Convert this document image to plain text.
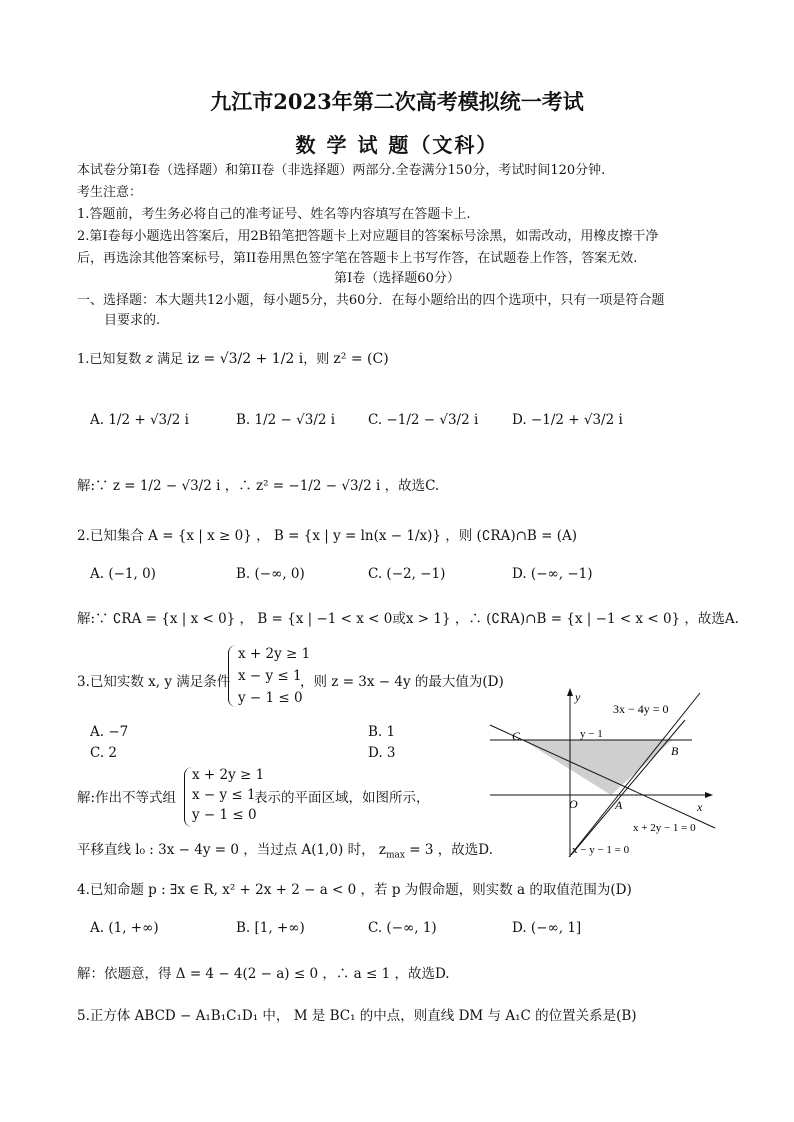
九江市2023年第二次高考模拟统一考试
数 学 试 题（文科）
本试卷分第I卷（选择题）和第II卷（非选择题）两部分.全卷满分150分，考试时间120分钟.
考生注意：
1.答题前，考生务必将自己的准考证号、姓名等内容填写在答题卡上.
2.第I卷每小题选出答案后，用2B铅笔把答题卡上对应题目的答案标号涂黑，如需改动，用橡皮擦干净
后，再选涂其他答案标号，第II卷用黑色签字笔在答题卡上书写作答，在试题卷上作答，答案无效.
第I卷（选择题60分）
一、选择题：本大题共12小题，每小题5分，共60分．在每小题给出的四个选项中，只有一项是符合题
目要求的.
1.已知复数 z 满足 iz = √3/2 + 1/2 i，则 z² = (C)
A. 1/2 + √3/2 i	B. 1/2 − √3/2 i C. −1/2 − √3/2 i D. −1/2 + √3/2 i
解:∵ z = 1/2 − √3/2 i ，∴ z² = −1/2 − √3/2 i ，故选C.
2.已知集合 A = {x | x ≥ 0} ， B = {x | y = ln(x − 1/x)} ，则 (∁RA)∩B = (A)
A. (−1, 0)	B. (−∞, 0)	C. (−2, −1)	D. (−∞, −1)
解:∵ ∁RA = {x | x < 0} ， B = {x | −1 < x < 0或x > 1} ，∴ (∁RA)∩B = {x | −1 < x < 0} ，故选A.
3.已知实数 x, y 满足条件
x + 2y ≥ 1
x − y ≤ 1
y − 1 ≤ 0
，则 z = 3x − 4y 的最大值为(D)
A. −7	B. 1
C. 2	D. 3
解:作出不等式组
x + 2y ≥ 1
x − y ≤ 1
y − 1 ≤ 0
表示的平面区域，如图所示，
平移直线 l₀ : 3x − 4y = 0 ，当过点 A(1,0) 时， $z_{max} = 3$ ，故选D.
y
x
O
3x − 4y = 0
y − 1
C
B
A
x + 2y − 1 = 0
x − y − 1 = 0
4.已知命题 p : ∃x ∈ R, x² + 2x + 2 − a < 0 ，若 p 为假命题，则实数 a 的取值范围为(D)
A. (1, +∞)	B. [1, +∞)	C. (−∞, 1)	D. (−∞, 1]
解：依题意，得 Δ = 4 − 4(2 − a) ≤ 0 ，∴ a ≤ 1 ，故选D.
5.正方体 ABCD − A₁B₁C₁D₁ 中， M 是 BC₁ 的中点，则直线 DM 与 A₁C 的位置关系是(B)
